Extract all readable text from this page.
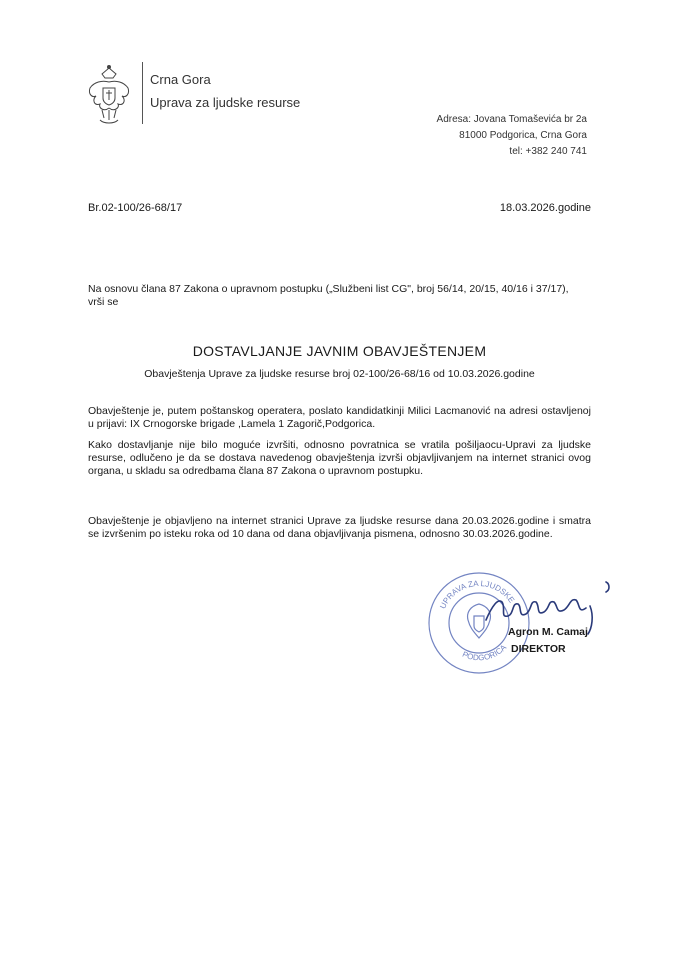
Crna Gora
Uprava za ljudske resurse
Adresa: Jovana Tomaševića br 2a
81000 Podgorica, Crna Gora
tel: +382 240 741
Br.02-100/26-68/17	18.03.2026.godine
Na osnovu člana 87 Zakona o upravnom postupku („Službeni list CG", broj 56/14, 20/15, 40/16 i 37/17),
vrši se
DOSTAVLJANJE JAVNIM OBAVJEŠTENJEM
Obavještenja Uprave za ljudske resurse broj 02-100/26-68/16 od 10.03.2026.godine
Obavještenje je, putem poštanskog operatera, poslato kandidatkinji Milici Lacmanović na adresi ostavljenoj u prijavi: IX Crnogorske brigade ,Lamela 1 Zagorič,Podgorica.
Kako dostavljanje nije bilo moguće izvršiti, odnosno povratnica se vratila pošiljaocu-Upravi za ljudske resurse, odlučeno je da se dostava navedenog obavještenja izvrši objavljivanjem na internet stranici ovog organa, u skladu sa odredbama člana 87 Zakona o upravnom postupku.
Obavještenje je objavljeno na internet stranici Uprave za ljudske resurse dana 20.03.2026.godine i smatra se izvršenim po isteku roka od 10 dana od dana objavljivanja pismena, odnosno 30.03.2026.godine.
UPRAVA ZA LJUDSKE
PODGORICA
Agron M. Camaj
DIREKTOR
